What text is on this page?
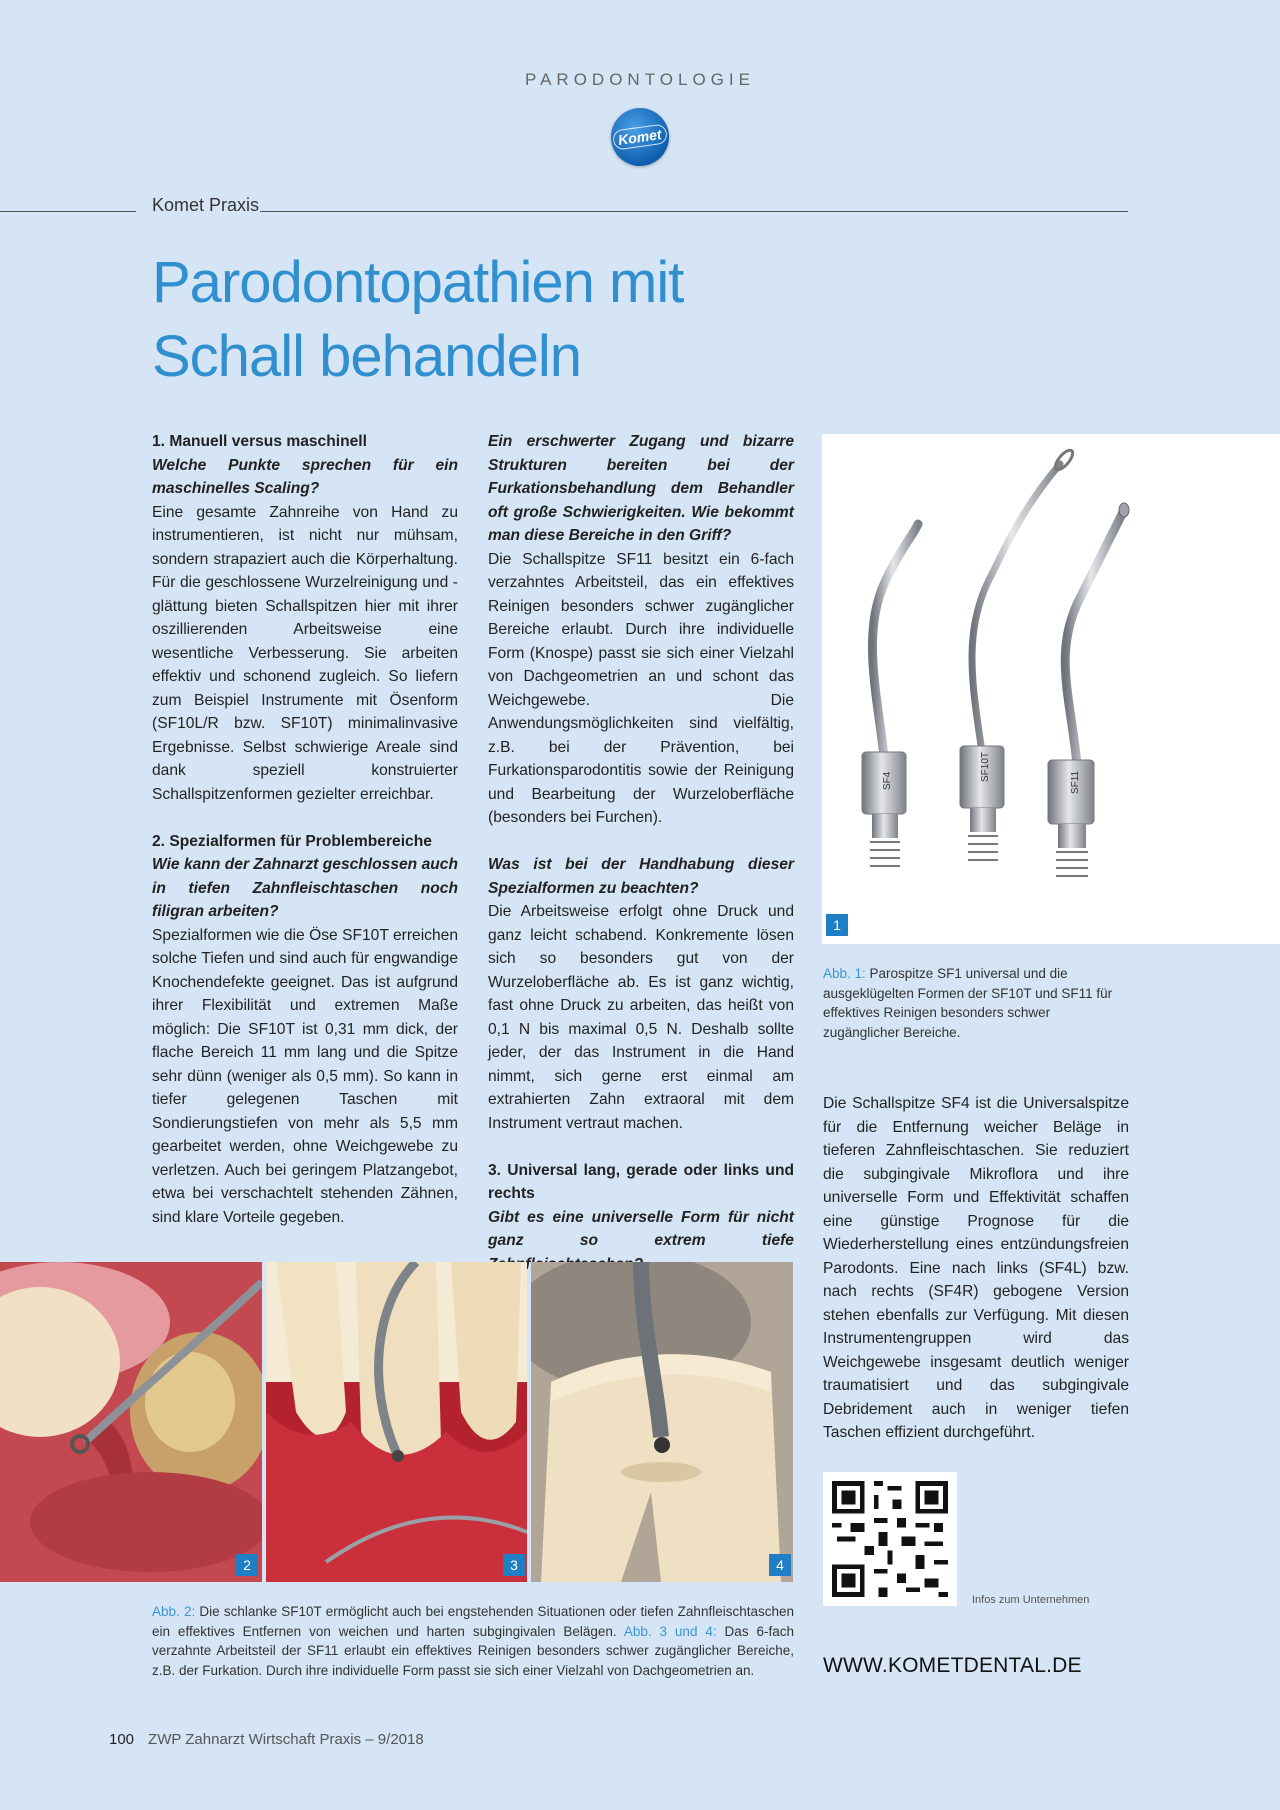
PARODONTOLOGIE
Komet
Komet Praxis
Parodontopathien mit
Schall behandeln

1. Manuell versus maschinell

Welche Punkte sprechen für ein maschinelles Scaling?

Eine gesamte Zahnreihe von Hand zu instrumentieren, ist nicht nur mühsam, sondern strapaziert auch die Körperhaltung. Für die geschlossene Wurzelreinigung und -glättung bieten Schallspitzen hier mit ihrer oszillierenden Arbeitsweise eine wesentliche Verbesserung. Sie arbeiten effektiv und schonend zugleich. So liefern zum Beispiel Instrumente mit Ösenform (SF10L/R bzw. SF10T) minimalinvasive Ergebnisse. Selbst schwierige Areale sind dank speziell konstruierter Schallspitzenformen gezielter erreichbar.

2. Spezialformen für Problembereiche

Wie kann der Zahnarzt geschlossen auch in tiefen Zahnfleischtaschen noch filigran arbeiten?

Spezialformen wie die Öse SF10T erreichen solche Tiefen und sind auch für engwandige Knochendefekte geeignet. Das ist aufgrund ihrer Flexibilität und extremen Maße möglich: Die SF10T ist 0,31 mm dick, der flache Bereich 11 mm lang und die Spitze sehr dünn (weniger als 0,5 mm). So kann in tiefer gelegenen Taschen mit Sondierungstiefen von mehr als 5,5 mm gearbeitet werden, ohne Weichgewebe zu verletzen. Auch bei geringem Platzangebot, etwa bei verschachtelt stehenden Zähnen, sind klare Vorteile gegeben.

Ein erschwerter Zugang und bizarre Strukturen bereiten bei der Furkationsbehandlung dem Behandler oft große Schwierigkeiten. Wie bekommt man diese Bereiche in den Griff?

Die Schallspitze SF11 besitzt ein 6-fach verzahntes Arbeitsteil, das ein effektives Reinigen besonders schwer zugänglicher Bereiche erlaubt. Durch ihre individuelle Form (Knospe) passt sie sich einer Vielzahl von Dachgeometrien an und schont das Weichgewebe. Die Anwendungsmöglichkeiten sind vielfältig, z.B. bei der Prävention, bei Furkationsparodontitis sowie der Reinigung und Bearbeitung der Wurzeloberfläche (besonders bei Furchen).

Was ist bei der Handhabung dieser Spezialformen zu beachten?

Die Arbeitsweise erfolgt ohne Druck und ganz leicht schabend. Konkremente lösen sich so besonders gut von der Wurzeloberfläche ab. Es ist ganz wichtig, fast ohne Druck zu arbeiten, das heißt von 0,1 N bis maximal 0,5 N. Deshalb sollte jeder, der das Instrument in die Hand nimmt, sich gerne erst einmal am extrahierten Zahn extraoral mit dem Instrument vertraut machen.

3. Universal lang, gerade oder links und rechts

Gibt es eine universelle Form für nicht ganz so extrem tiefe

SF4	SF10T
SF11
1
Abb. 1: Parospitze SF1 universal und die ausgeklügelten Formen der SF10T und SF11 für effektives Reinigen besonders schwer zugänglicher Bereiche.

Die Schallspitze SF4 ist die Universalspitze für die Entfernung weicher Beläge in tieferen Zahnfleischtaschen. Sie reduziert die subgingivale Mikroflora und ihre universelle Form und Effektivität schaffen eine günstige Prognose für die Wiederherstellung eines entzündungsfreien Parodonts. Eine nach links (SF4L) bzw. nach rechts (SF4R) gebogene Version stehen ebenfalls zur Verfügung. Mit diesen Instrumentengruppen wird das Weichgewebe insgesamt deutlich weniger traumatisiert und das subgingivale Debridement auch in weniger tiefen Taschen effizient durchgeführt.

2	3	4
Abb. 2: Die schlanke SF10T ermöglicht auch bei engstehenden Situationen oder tiefen Zahnfleischtaschen ein effektives Entfernen von weichen und harten subgingivalen Belägen. Abb. 3 und 4: Das 6-fach verzahnte Arbeitsteil der SF11 erlaubt ein effektives Reinigen besonders schwer zugänglicher Bereiche, z.B. der Furkation. Durch ihre individuelle Form passt sie sich einer Vielzahl von Dachgeometrien an.
Infos zum Unternehmen
WWW.KOMETDENTAL.DE
100 ZWP Zahnarzt Wirtschaft Praxis – 9/2018
